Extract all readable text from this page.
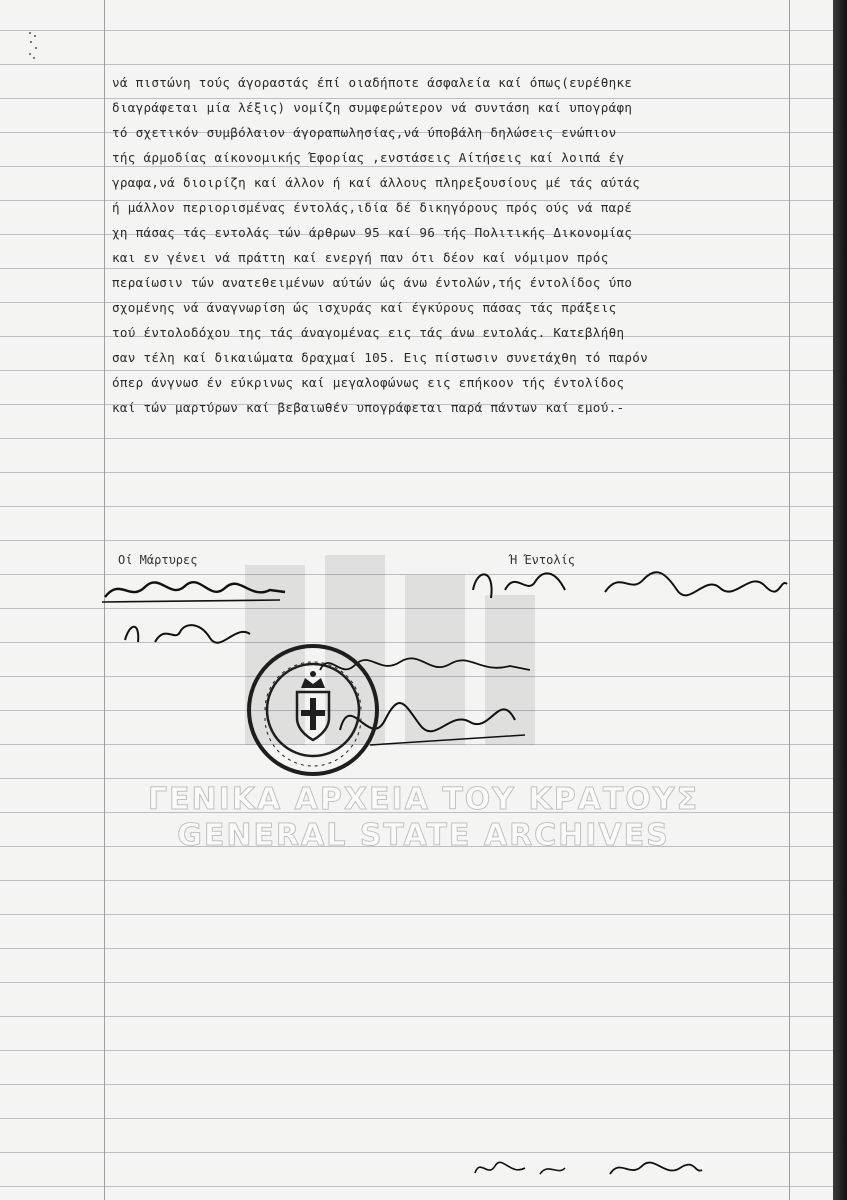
νά πιστώνη τούς άγοραστάς έπί οιαδήποτε άσφαλεία καί όπως(ευρέθηκε
διαγράφεται μία λέξις) νομίζη συμφερώτερον νά συντάση καί υπογράφη
τό σχετικόν συμβόλαιον άγοραπωλησίας,νά ύποβάλη δηλώσεις ενώπιον
τής άρμοδίας αίκονομικής Έφορίας ,ενστάσεις Αίτήσεις καί λοιπά έγ
γραφα,νά διοιρίζη καί άλλον ή καί άλλους πληρεξουσίους μέ τάς αύτάς
ή μάλλον περιορισμένας έντολάς,ιδία δέ δικηγόρους πρός ούς νά παρέ
χη πάσας τάς εντολάς τών άρθρων 95 καί 96 τής Πολιτικής Δικονομίας
και εν γένει νά πράττη καί ενεργή παν ότι δέον καί νόμιμον πρός
περαίωσιν τών ανατεθειμένων αύτών ώς άνω έντολών,τής έντολίδος ύπο
σχομένης νά άναγνωρίση ώς ισχυράς καί έγκύρους πάσας τάς πράξεις
τού έντολοδόχου της τάς άναγομένας εις τάς άνω εντολάς. Κατεβλήθη
σαν τέλη καί δικαιώματα δραχμαί 105. Εις πίστωσιν συνετάχθη τό παρόν
όπερ άνγνωσ έν εύκρινως καί μεγαλοφώνως εις επήκοον τής έντολίδος
καί τών μαρτύρων καί βεβαιωθέν υπογράφεται παρά πάντων καί εμού.-
Οί Μάρτυρες	Ή Έντολίς
ΓΕΝΙΚΑ ΑΡΧΕΙΑ ΤΟΥ ΚΡΑΤΟΥΣ
GENERAL STATE ARCHIVES
